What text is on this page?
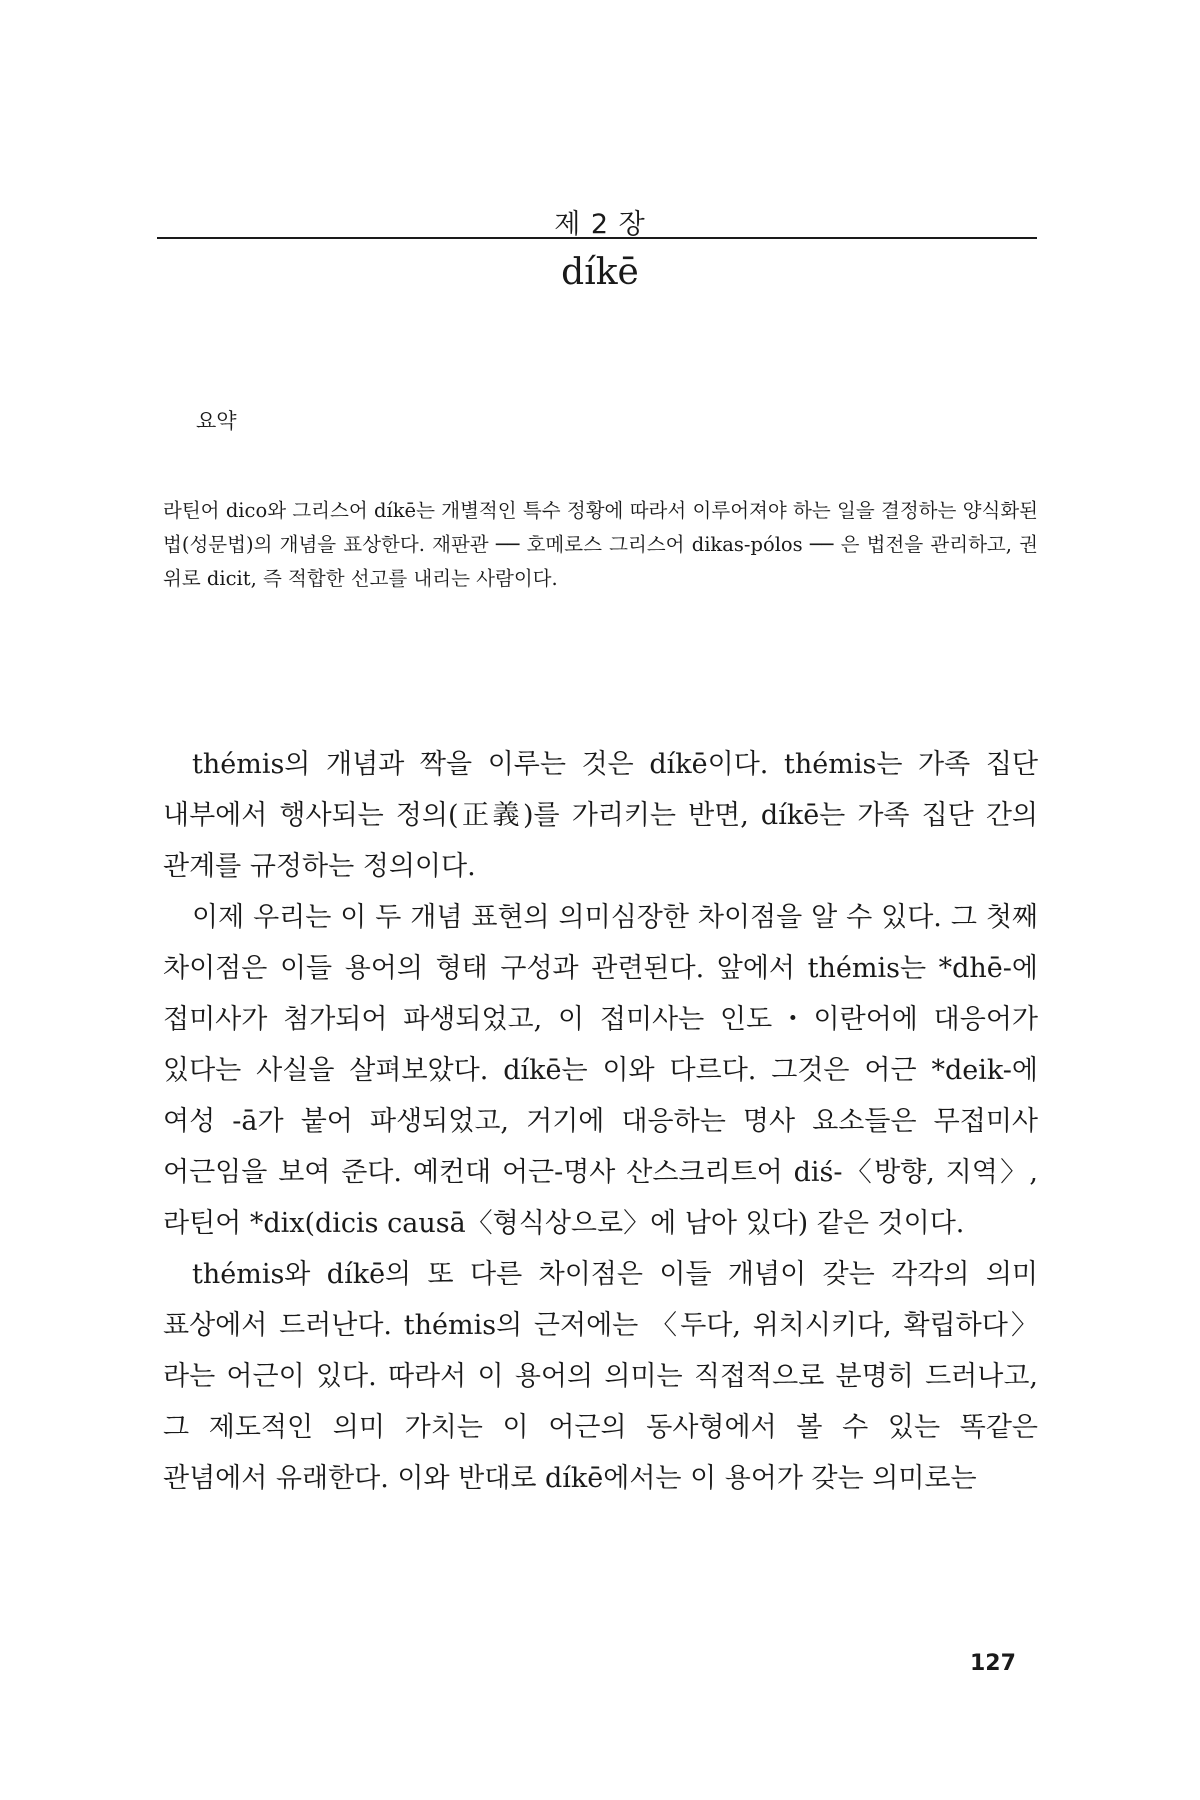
제 2 장
díkē
요약
라틴어 dico와 그리스어 díkē는 개별적인 특수 정황에 따라서 이루어져야 하는 일을 결정하는 양식화된 법(성문법)의 개념을 표상한다. 재판관 ── 호메로스 그리스어 dikas-pólos ── 은 법전을 관리하고, 권위로 dicit, 즉 적합한 선고를 내리는 사람이다.

thémis의 개념과 짝을 이루는 것은 díkē이다. thémis는 가족 집단 내부에서 행사되는 정의(正義)를 가리키는 반면, díkē는 가족 집단 간의 관계를 규정하는 정의이다.

이제 우리는 이 두 개념 표현의 의미심장한 차이점을 알 수 있다. 그 첫째 차이점은 이들 용어의 형태 구성과 관련된다. 앞에서 thémis는 *dhē-에 접미사가 첨가되어 파생되었고, 이 접미사는 인도・이란어에 대응어가 있다는 사실을 살펴보았다. díkē는 이와 다르다. 그것은 어근 *deik-에 여성 -ā가 붙어 파생되었고, 거기에 대응하는 명사 요소들은 무접미사 어근임을 보여 준다. 예컨대 어근-명사 산스크리트어 diś-〈방향, 지역〉, 라틴어 *dix(dicis causā〈형식상으로〉에 남아 있다) 같은 것이다.

thémis와 díkē의 또 다른 차이점은 이들 개념이 갖는 각각의 의미 표상에서 드러난다. thémis의 근저에는 〈두다, 위치시키다, 확립하다〉라는 어근이 있다. 따라서 이 용어의 의미는 직접적으로 분명히 드러나고, 그 제도적인 의미 가치는 이 어근의 동사형에서 볼 수 있는 똑같은 관념에서 유래한다. 이와 반대로 díkē에서는 이 용어가 갖는 의미로는

127
